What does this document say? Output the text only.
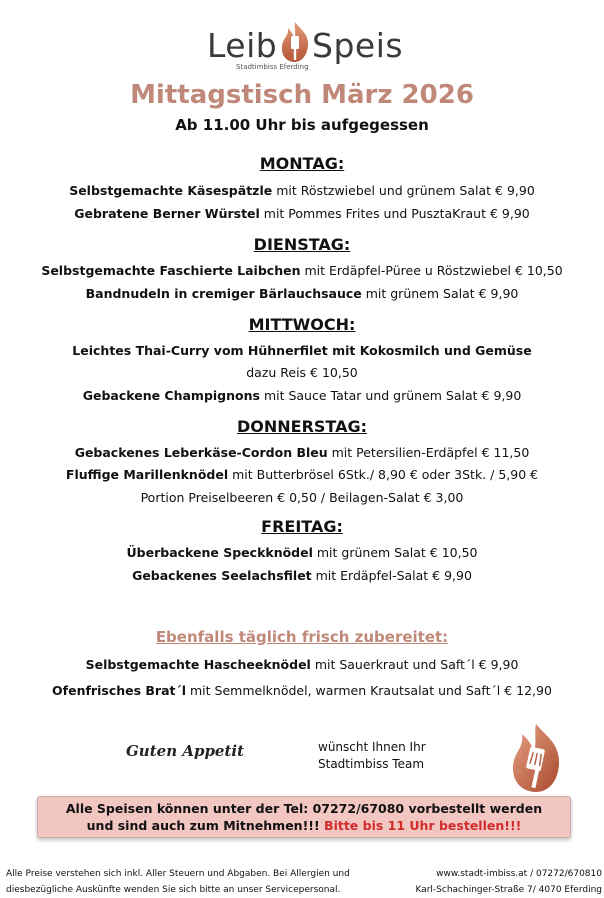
Leib Speis
Stadtimbiss Eferding
Mittagstisch März 2026
Ab 11.00 Uhr bis aufgegessen
MONTAG:
Selbstgemachte Käsespätzle mit Röstzwiebel und grünem Salat € 9,90
Gebratene Berner Würstel mit Pommes Frites und PusztaKraut € 9,90
DIENSTAG:
Selbstgemachte Faschierte Laibchen mit Erdäpfel-Püree u Röstzwiebel € 10,50
Bandnudeln in cremiger Bärlauchsauce mit grünem Salat € 9,90
MITTWOCH:
Leichtes Thai-Curry vom Hühnerfilet mit Kokosmilch und Gemüse
dazu Reis € 10,50
Gebackene Champignons mit Sauce Tatar und grünem Salat € 9,90
DONNERSTAG:
Gebackenes Leberkäse-Cordon Bleu mit Petersilien-Erdäpfel € 11,50
Fluffige Marillenknödel mit Butterbrösel 6Stk./ 8,90 € oder 3Stk. / 5,90 €
Portion Preiselbeeren € 0,50 / Beilagen-Salat € 3,00
FREITAG:
Überbackene Speckknödel mit grünem Salat € 10,50
Gebackenes Seelachsfilet mit Erdäpfel-Salat € 9,90
Ebenfalls täglich frisch zubereitet:
Selbstgemachte Hascheeknödel mit Sauerkraut und Saft´l € 9,90
Ofenfrisches Brat´l mit Semmelknödel, warmen Krautsalat und Saft´l € 12,90
Guten Appetit	wünscht Ihnen Ihr
Stadtimbiss Team
Alle Speisen können unter der Tel: 07272/67080 vorbestellt werden
und sind auch zum Mitnehmen!!! Bitte bis 11 Uhr bestellen!!!
Alle Preise verstehen sich inkl. Aller Steuern und Abgaben. Bei Allergien und
diesbezügliche Auskünfte wenden Sie sich bitte an unser Servicepersonal.
www.stadt-imbiss.at / 07272/670810
Karl-Schachinger-Straße 7/ 4070 Eferding
